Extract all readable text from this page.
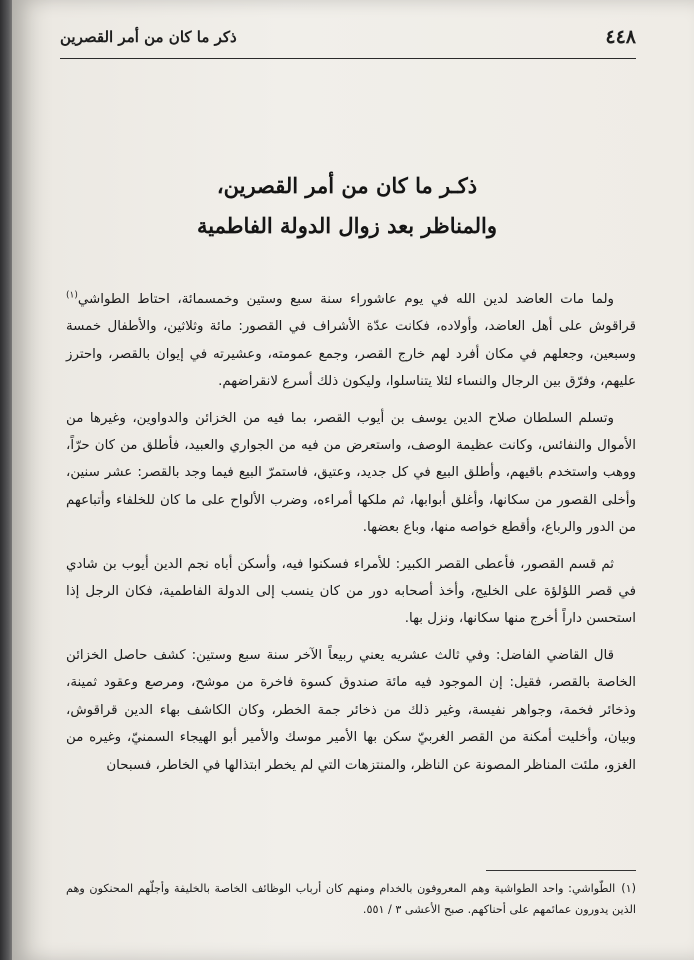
٤٤٨
ذكر ما كان من أمر القصرين
ذكـر ما كان من أمر القصرين،
والمناظر بعد زوال الدولة الفاطمية

ولما مات العاضد لدين الله في يوم عاشوراء سنة سبع وستين وخمسمائة، احتاط الطواشي$^{(١)}$ قراقوش على أهل العاضد، وأولاده، فكانت عدّة الأشراف في القصور: مائة وثلاثين، والأطفال خمسة وسبعين، وجعلهم في مكان أفرد لهم خارج القصر، وجمع عمومته، وعشيرته في إيوان بالقصر، واحترز عليهم، وفرّق بين الرجال والنساء لئلا يتناسلوا، وليكون ذلك أسرع لانقراضهم.

وتسلم السلطان صلاح الدين يوسف بن أيوب القصر، بما فيه من الخزائن والدواوين، وغيرها من الأموال والنفائس، وكانت عظيمة الوصف، واستعرض من فيه من الجواري والعبيد، فأطلق من كان حرّاً، ووهب واستخدم باقيهم، وأطلق البيع في كل جديد، وعتيق، فاستمرّ البيع فيما وجد بالقصر: عشر سنين، وأخلى القصور من سكانها، وأغلق أبوابها، ثم ملكها أمراءه، وضرب الألواح على ما كان للخلفاء وأتباعهم من الدور والرباع، وأقطع خواصه منها، وباع بعضها.

ثم قسم القصور، فأعطى القصر الكبير: للأمراء فسكنوا فيه، وأسكن أباه نجم الدين أيوب بن شادي في قصر اللؤلؤة على الخليج، وأخذ أصحابه دور من كان ينسب إلى الدولة الفاطمية، فكان الرجل إذا استحسن داراً أخرج منها سكانها، ونزل بها.

قال القاضي الفاضل: وفي ثالث عشريه يعني ربيعاً الآخر سنة سبع وستين: كشف حاصل الخزائن الخاصة بالقصر، فقيل: إن الموجود فيه مائة صندوق كسوة فاخرة من موشح، ومرصع وعقود ثمينة، وذخائر فخمة، وجواهر نفيسة، وغير ذلك من ذخائر جمة الخطر، وكان الكاشف بهاء الدين قراقوش، وبيان، وأخليت أمكنة من القصر الغربيّ سكن بها الأمير موسك والأمير أبو الهيجاء السمنيّ، وغيره من الغزو، ملئت المناظر المصونة عن الناظر، والمنتزهات التي لم يخطر ابتذالها في الخاطر، فسبحان

(١)الطّواشي: واحد الطواشية وهم المعروفون بالخدام ومنهم كان أرباب الوظائف الخاصة بالخليفة وأجلّهم المحنكون وهم الذين يدورون عمائمهم على أحناكهم. صبح الأعشى ٣ / ٥٥١.
